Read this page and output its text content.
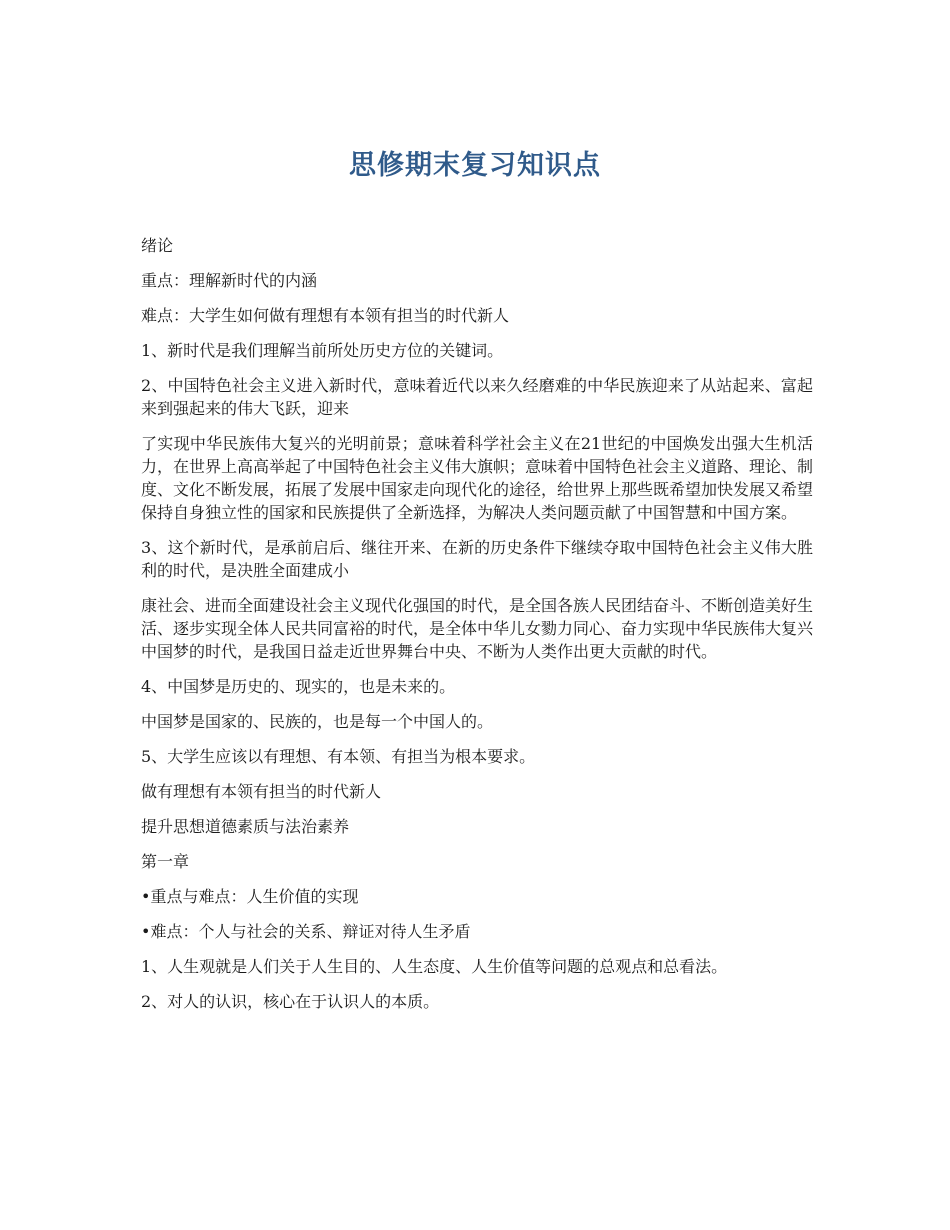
思修期末复习知识点

绪论

重点：理解新时代的内涵

难点：大学生如何做有理想有本领有担当的时代新人

1、新时代是我们理解当前所处历史方位的关键词。

2、中国特色社会主义进入新时代，意味着近代以来久经磨难的中华民族迎来了从站起来、富起来到强起来的伟大飞跃，迎来

了实现中华民族伟大复兴的光明前景；意味着科学社会主义在21世纪的中国焕发出强大生机活力，在世界上高高举起了中国特色社会主义伟大旗帜；意味着中国特色社会主义道路、理论、制度、文化不断发展，拓展了发展中国家走向现代化的途径，给世界上那些既希望加快发展又希望保持自身独立性的国家和民族提供了全新选择，为解决人类问题贡献了中国智慧和中国方案。

3、这个新时代，是承前启后、继往开来、在新的历史条件下继续夺取中国特色社会主义伟大胜利的时代，是决胜全面建成小

康社会、进而全面建设社会主义现代化强国的时代，是全国各族人民团结奋斗、不断创造美好生活、逐步实现全体人民共同富裕的时代，是全体中华儿女勠力同心、奋力实现中华民族伟大复兴中国梦的时代，是我国日益走近世界舞台中央、不断为人类作出更大贡献的时代。

4、中国梦是历史的、现实的，也是未来的。

中国梦是国家的、民族的，也是每一个中国人的。

5、大学生应该以有理想、有本领、有担当为根本要求。

做有理想有本领有担当的时代新人

提升思想道德素质与法治素养

第一章

•重点与难点：人生价值的实现

•难点：个人与社会的关系、辩证对待人生矛盾

1、人生观就是人们关于人生目的、人生态度、人生价值等问题的总观点和总看法。

2、对人的认识，核心在于认识人的本质。
